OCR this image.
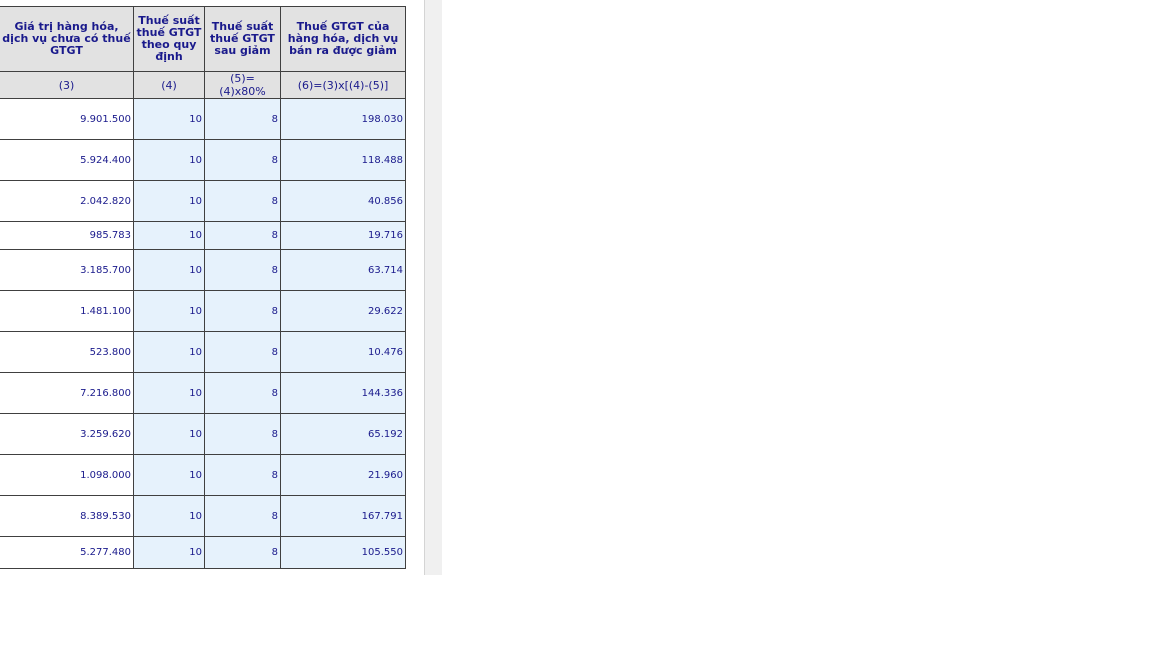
Giá trị hàng hóa, dịch vụ chưa có thuế GTGT	Thuế suất thuế GTGT theo quy định	Thuế suất thuế GTGT sau giảm	Thuế GTGT của hàng hóa, dịch vụ bán ra được giảm
(3)	(4)	(5)=(4)x80%	(6)=(3)x[(4)-(5)]
9.901.500	10	8	198.030
5.924.400	10	8	118.488
2.042.820	10	8	40.856
985.783	10	8	19.716
3.185.700	10	8	63.714
1.481.100	10	8	29.622
523.800	10	8	10.476
7.216.800	10	8	144.336
3.259.620	10	8	65.192
1.098.000	10	8	21.960
8.389.530	10	8	167.791
5.277.480	10	8	105.550
